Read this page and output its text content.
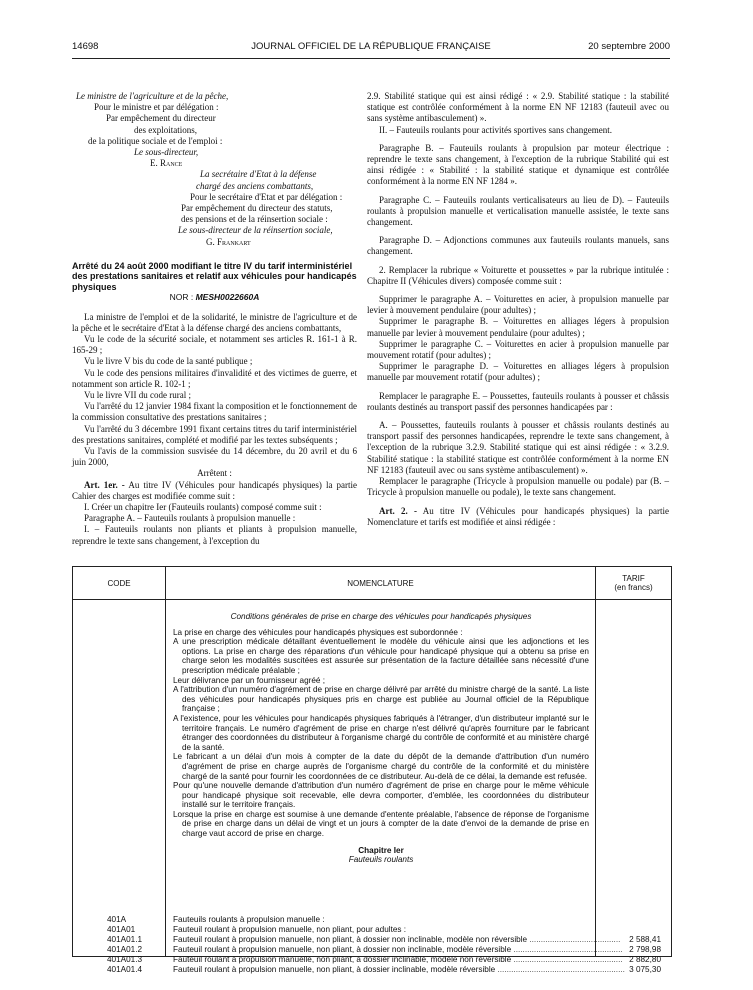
14698	JOURNAL OFFICIEL DE LA RÉPUBLIQUE FRANÇAISE	20 septembre 2000

Le ministre de l'agriculture et de la pêche,

Pour le ministre et par délégation :

Par empêchement du directeur

des exploitations,

de la politique sociale et de l'emploi :

Le sous-directeur,

E. Rance

La secrétaire d'Etat à la défense

chargé des anciens combattants,

Pour le secrétaire d'Etat et par délégation :

Par empêchement du directeur des statuts,

des pensions et de la réinsertion sociale :

Le sous-directeur de la réinsertion sociale,

G. Frankart

Arrêté du 24 août 2000 modifiant le titre IV du tarif interministériel des prestations sanitaires et relatif aux véhicules pour handicapés physiques

NOR : MESH0022660A

La ministre de l'emploi et de la solidarité, le ministre de l'agriculture et de la pêche et le secrétaire d'Etat à la défense chargé des anciens combattants,

Vu le code de la sécurité sociale, et notamment ses articles R. 161-1 à R. 165-29 ;

Vu le livre V bis du code de la santé publique ;

Vu le code des pensions militaires d'invalidité et des victimes de guerre, et notamment son article R. 102-1 ;

Vu le livre VII du code rural ;

Vu l'arrêté du 12 janvier 1984 fixant la composition et le fonctionnement de la commission consultative des prestations sanitaires ;

Vu l'arrêté du 3 décembre 1991 fixant certains titres du tarif interministériel des prestations sanitaires, complété et modifié par les textes subséquents ;

Vu l'avis de la commission susvisée du 14 décembre, du 20 avril et du 6 juin 2000,

Arrêtent :

Art. 1er. - Au titre IV (Véhicules pour handicapés physiques) la partie Cahier des charges est modifiée comme suit :

I. Créer un chapitre Ier (Fauteuils roulants) composé comme suit :

Paragraphe A. – Fauteuils roulants à propulsion manuelle :

I. – Fauteuils roulants non pliants et pliants à propulsion manuelle, reprendre le texte sans changement, à l'exception du

2.9. Stabilité statique qui est ainsi rédigé : « 2.9. Stabilité statique : la stabilité statique est contrôlée conformément à la norme EN NF 12183 (fauteuil avec ou sans système antibasculement) ».

II. – Fauteuils roulants pour activités sportives sans changement.

Paragraphe B. – Fauteuils roulants à propulsion par moteur électrique : reprendre le texte sans changement, à l'exception de la rubrique Stabilité qui est ainsi rédigée : « Stabilité : la stabilité statique et dynamique est contrôlée conformément à la norme EN NF 1284 ».

Paragraphe C. – Fauteuils roulants verticalisateurs au lieu de D). – Fauteuils roulants à propulsion manuelle et verticalisation manuelle assistée, le texte sans changement.

Paragraphe D. – Adjonctions communes aux fauteuils roulants manuels, sans changement.

2. Remplacer la rubrique « Voiturette et poussettes » par la rubrique intitulée : Chapitre II (Véhicules divers) composée comme suit :

Supprimer le paragraphe A. – Voiturettes en acier, à propulsion manuelle par levier à mouvement pendulaire (pour adultes) ;

Supprimer le paragraphe B. – Voiturettes en alliages légers à propulsion manuelle par levier à mouvement pendulaire (pour adultes) ;

Supprimer le paragraphe C. – Voiturettes en acier à propulsion manuelle par mouvement rotatif (pour adultes) ;

Supprimer le paragraphe D. – Voiturettes en alliages légers à propulsion manuelle par mouvement rotatif (pour adultes) ;

Remplacer le paragraphe E. – Poussettes, fauteuils roulants à pousser et châssis roulants destinés au transport passif des personnes handicapées par :

A. – Poussettes, fauteuils roulants à pousser et châssis roulants destinés au transport passif des personnes handicapées, reprendre le texte sans changement, à l'exception de la rubrique 3.2.9. Stabilité statique qui est ainsi rédigée : « 3.2.9. Stabilité statique : la stabilité statique est contrôlée conformément à la norme EN NF 12183 (fauteuil avec ou sans système antibasculement) ».

Remplacer le paragraphe (Tricycle à propulsion manuelle ou podale) par (B. – Tricycle à propulsion manuelle ou podale), le texte sans changement.

Art. 2. - Au titre IV (Véhicules pour handicapés physiques) la partie Nomenclature et tarifs est modifiée et ainsi rédigée :

CODE	NOMENCLATURE	TARIF
(en francs)
Conditions générales de prise en charge des véhicules pour handicapés physiques

La prise en charge des véhicules pour handicapés physiques est subordonnée :

A une prescription médicale détaillant éventuellement le modèle du véhicule ainsi que les adjonctions et les options. La prise en charge des réparations d'un véhicule pour handicapé physique qui a obtenu sa prise en charge selon les modalités suscitées est assurée sur présentation de la facture détaillée sans nécessité d'une prescription médicale préalable ;

Leur délivrance par un fournisseur agréé ;

A l'attribution d'un numéro d'agrément de prise en charge délivré par arrêté du ministre chargé de la santé. La liste des véhicules pour handicapés physiques pris en charge est publiée au Journal officiel de la République française ;

A l'existence, pour les véhicules pour handicapés physiques fabriqués à l'étranger, d'un distributeur implanté sur le territoire français. Le numéro d'agrément de prise en charge n'est délivré qu'après fourniture par le fabricant étranger des coordonnées du distributeur à l'organisme chargé du contrôle de conformité et au ministère chargé de la santé.

Le fabricant a un délai d'un mois à compter de la date du dépôt de la demande d'attribution d'un numéro d'agrément de prise en charge auprès de l'organisme chargé du contrôle de la conformité et du ministère chargé de la santé pour fournir les coordonnées de ce distributeur. Au-delà de ce délai, la demande est refusée.

Pour qu'une nouvelle demande d'attribution d'un numéro d'agrément de prise en charge pour le même véhicule pour handicapé physique soit recevable, elle devra comporter, d'emblée, les coordonnées du distributeur installé sur le territoire français.

Lorsque la prise en charge est soumise à une demande d'entente préalable, l'absence de réponse de l'organisme de prise en charge dans un délai de vingt et un jours à compter de la date d'envoi de la demande de prise en charge vaut accord de prise en charge.

Chapitre Ier
Fauteuils roulants
401A	Fauteuils roulants à propulsion manuelle :
401A01	Fauteuil roulant à propulsion manuelle, non pliant, pour adultes :
401A01.1	Fauteuil roulant à propulsion manuelle, non pliant, à dossier non inclinable, modèle non réversible ........................................ 2 588,41
401A01.2	Fauteuil roulant à propulsion manuelle, non pliant, à dossier non inclinable, modèle réversible ................................................ 2 798,98
401A01.3	Fauteuil roulant à propulsion manuelle, non pliant, à dossier inclinable, modèle non réversible ................................................ 2 882,80
401A01.4	Fauteuil roulant à propulsion manuelle, non pliant, à dossier inclinable, modèle réversible ........................................................ 3 075,30
